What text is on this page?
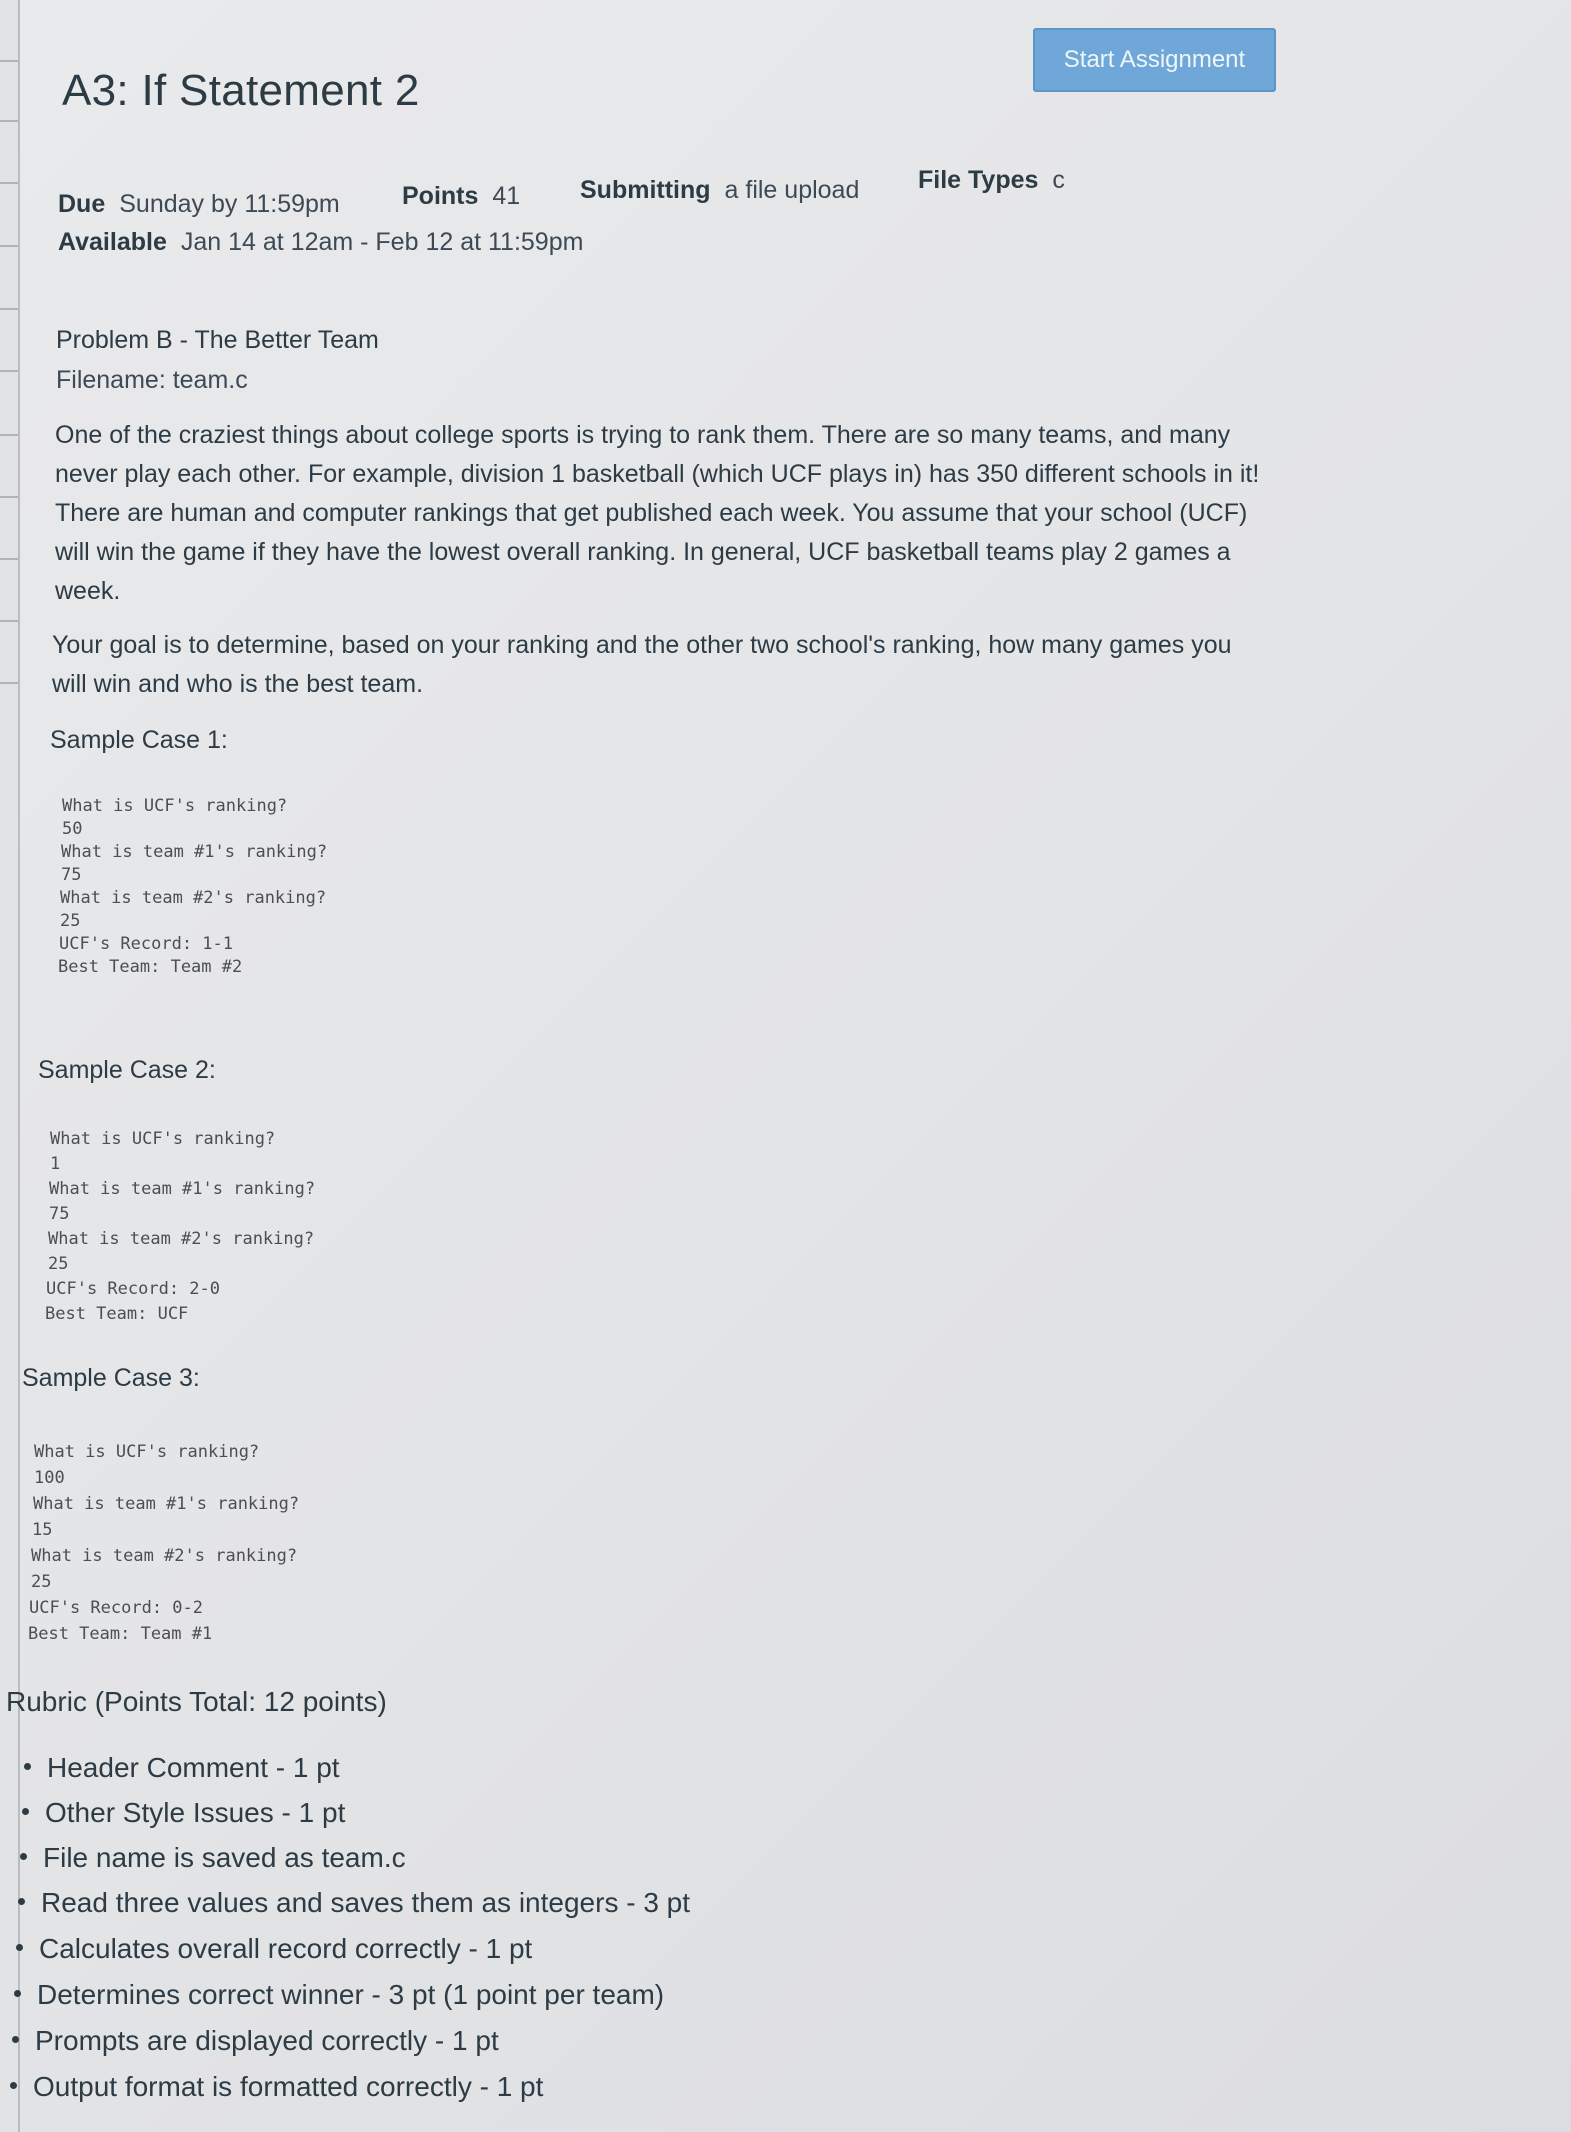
A3: If Statement 2
Start Assignment
Due Sunday by 11:59pm Points 41 Submitting a file upload File Types c
Available Jan 14 at 12am - Feb 12 at 11:59pm
Problem B - The Better Team
Filename: team.c

One of the craziest things about college sports is trying to rank them. There are so many teams, and many

never play each other. For example, division 1 basketball (which UCF plays in) has 350 different schools in it!

There are human and computer rankings that get published each week. You assume that your school (UCF)

will win the game if they have the lowest overall ranking. In general, UCF basketball teams play 2 games a

week.

Your goal is to determine, based on your ranking and the other two school's ranking, how many games you

will win and who is the best team.

Sample Case 1:
What is UCF's ranking?
50
What is team #1's ranking?
75
What is team #2's ranking?
25
UCF's Record: 1-1
Best Team: Team #2
Sample Case 2:
What is UCF's ranking?
1
What is team #1's ranking?
75
What is team #2's ranking?
25
UCF's Record: 2-0
Best Team: UCF
Sample Case 3:
What is UCF's ranking?
100
What is team #1's ranking?
15
What is team #2's ranking?
25
UCF's Record: 0-2
Best Team: Team #1
Rubric (Points Total: 12 points)
Header Comment - 1 pt
Other Style Issues - 1 pt
File name is saved as team.c
Read three values and saves them as integers - 3 pt
Calculates overall record correctly - 1 pt
Determines correct winner - 3 pt (1 point per team)
Prompts are displayed correctly - 1 pt
Output format is formatted correctly - 1 pt
